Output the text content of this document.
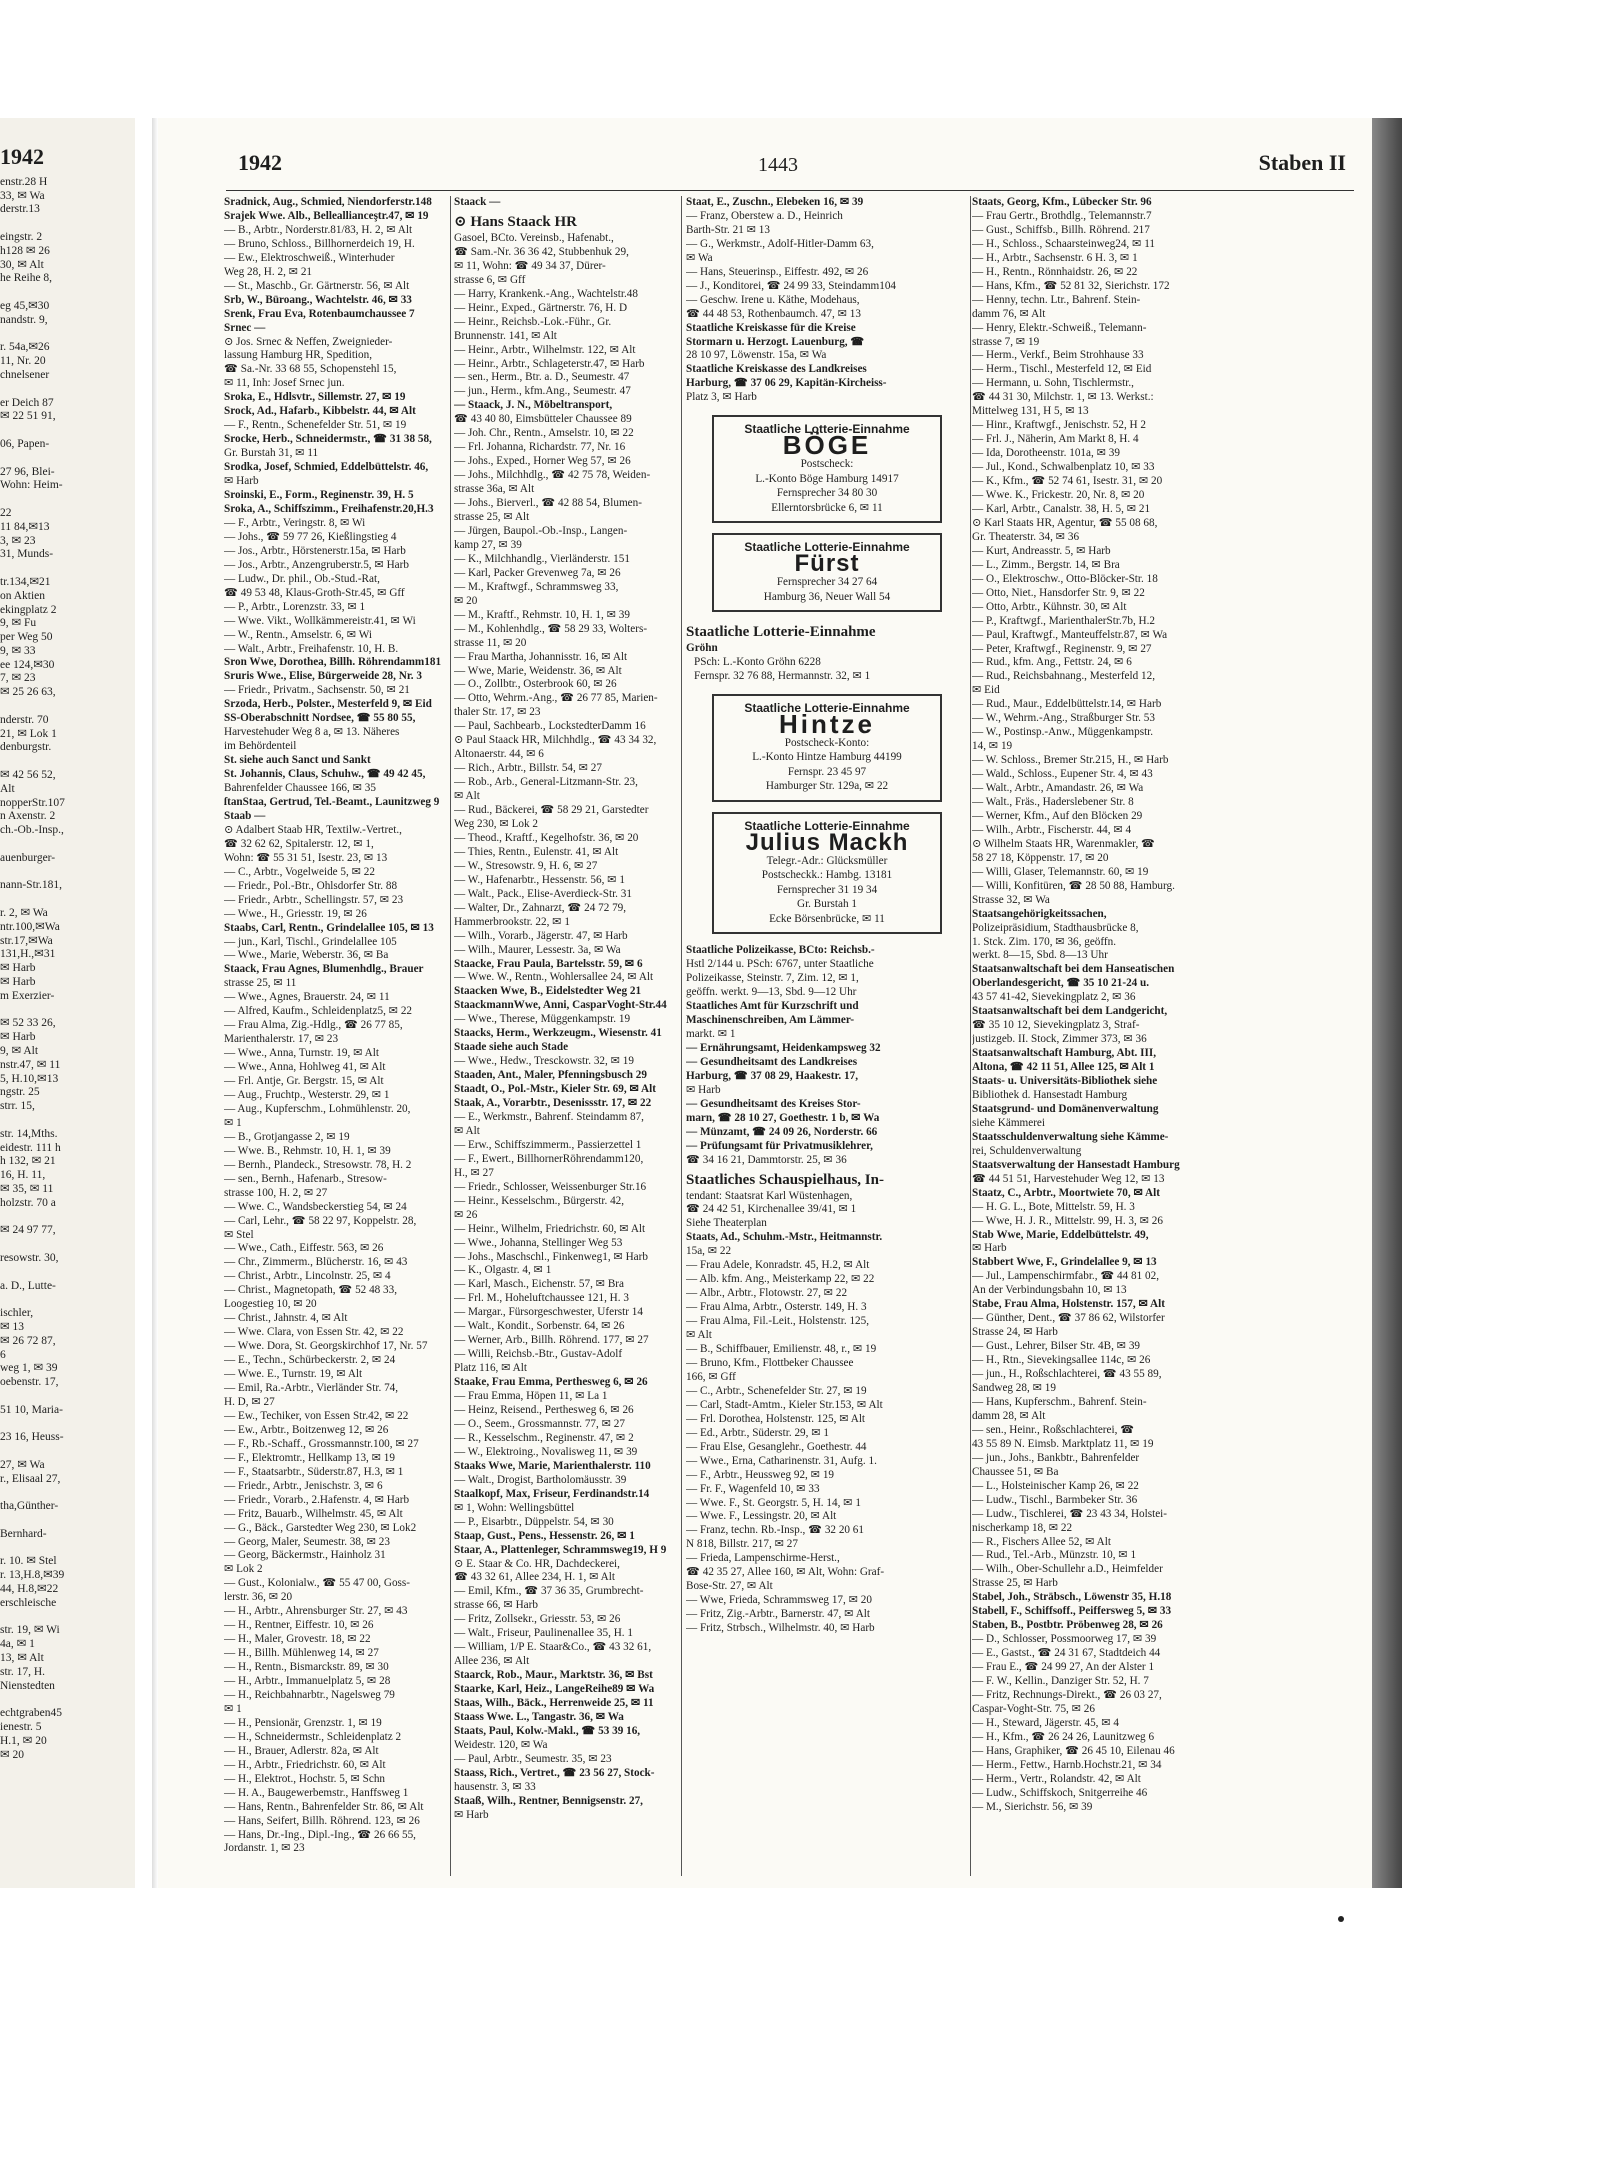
1942
enstr.28 H
33, ✉ Wa
derstr.13

eingstr. 2
h128 ✉ 26
30, ✉ Alt
he Reihe 8,

eg 45,✉30
nandstr. 9,

r. 54a,✉26
11, Nr. 20
chnelsener

er Deich 87
✉ 22 51 91,

06, Papen-

27 96, Blei-
Wohn: Heim-

22
11 84,✉13
3, ✉ 23
31, Munds-

tr.134,✉21
on Aktien
ekingplatz 2
9, ✉ Fu
per Weg 50
9, ✉ 33
ee 124,✉30
7, ✉ 23
✉ 25 26 63,

nderstr. 70
21, ✉ Lok 1
denburgstr.

✉ 42 56 52,
Alt
nopperStr.107
n Axenstr. 2
ch.-Ob.-Insp.,

auenburger-

nann-Str.181,

r. 2, ✉ Wa
ntr.100,✉Wa
str.17,✉Wa
131,H.,✉31
✉ Harb
✉ Harb
m Exerzier-

✉ 52 33 26,
✉ Harb
9, ✉ Alt
nstr.47, ✉ 11
5, H.10,✉13
ngstr. 25
strr. 15,

str. 14,Mths.
eidestr. 111 h
h 132, ✉ 21
16, H. 11,
✉ 35, ✉ 11
holzstr. 70 a

✉ 24 97 77,

resowstr. 30,

a. D., Lutte-

ischler,
✉ 13
✉ 26 72 87,
6
weg 1, ✉ 39
oebenstr. 17,

51 10, Maria-

23 16, Heuss-

27, ✉ Wa
r., Elisaal 27,

tha,Günther-

Bernhard-

r. 10. ✉ Stel
r. 13,H.8,✉39
44, H.8,✉22
erschleische

str. 19, ✉ Wi
4a, ✉ 1
13, ✉ Alt
str. 17, H.
Nienstedten

echtgraben45
ienestr. 5
H.1, ✉ 20
✉ 20
1942	1443	Staben II
Sradnick, Aug., Schmied, Niendorferstr.148
Srajek Wwe. Alb., Belleallianceştr.47, ✉ 19
— B., Arbtr., Norderstr.81/83, H. 2, ✉ Alt
— Bruno, Schloss., Billhornerdeich 19, H.
— Ew., Elektroschweiß., Winterhuder
Weg 28, H. 2, ✉ 21
— St., Maschb., Gr. Gärtnerstr. 56, ✉ Alt
Srb, W., Büroang., Wachtelstr. 46, ✉ 33
Srenk, Frau Eva, Rotenbaumchaussee 7
Srnec —
⊙ Jos. Srnec & Neffen, Zweignieder-
lassung Hamburg HR, Spedition,
☎ Sa.-Nr. 33 68 55, Schopenstehl 15,
✉ 11, Inh: Josef Srnec jun.
Sroka, E., Hdlsvtr., Sillemstr. 27, ✉ 19
Srock, Ad., Hafarb., Kibbelstr. 44, ✉ Alt
— F., Rentn., Schenefelder Str. 51, ✉ 19
Srocke, Herb., Schneidermstr., ☎ 31 38 58,
Gr. Burstah 31, ✉ 11
Srodka, Josef, Schmied, Eddelbüttelstr. 46,
✉ Harb
Sroinski, E., Form., Reginenstr. 39, H. 5
Sroka, A., Schiffszimm., Freihafenstr.20,H.3
— F., Arbtr., Veringstr. 8, ✉ Wi
— Johs., ☎ 59 77 26, Kießlingstieg 4
— Jos., Arbtr., Hörstenerstr.15a, ✉ Harb
— Jos., Arbtr., Anzengruberstr.5, ✉ Harb
— Ludw., Dr. phil., Ob.-Stud.-Rat,
☎ 49 53 48, Klaus-Groth-Str.45, ✉ Gff
— P., Arbtr., Lorenzstr. 33, ✉ 1
— Wwe. Vikt., Wollkämmereistr.41, ✉ Wi
— W., Rentn., Amselstr. 6, ✉ Wi
— Walt., Arbtr., Freihafenstr. 10, H. B.
Sron Wwe, Dorothea, Billh. Röhrendamm181
Sruris Wwe., Elise, Bürgerweide 28, Nr. 3
— Friedr., Privatm., Sachsenstr. 50, ✉ 21
Srzoda, Herb., Polster., Mesterfeld 9, ✉ Eid
SS-Oberabschnitt Nordsee, ☎ 55 80 55,
Harvestehuder Weg 8 a, ✉ 13. Näheres
im Behördenteil
St. siehe auch Sanct und Sankt
St. Johannis, Claus, Schuhw., ☎ 49 42 45,
Bahrenfelder Chaussee 166, ✉ 35
ſtanStaa, Gertrud, Tel.-Beamt., Launitzweg 9
Staab —
⊙ Adalbert Staab HR, Textilw.-Vertret.,
☎ 32 62 62, Spitalerstr. 12, ✉ 1,
Wohn: ☎ 55 31 51, Isestr. 23, ✉ 13
— C., Arbtr., Vogelweide 5, ✉ 22
— Friedr., Pol.-Btr., Ohlsdorfer Str. 88
— Friedr., Arbtr., Schellingstr. 57, ✉ 23
— Wwe., H., Griesstr. 19, ✉ 26
Staabs, Carl, Rentn., Grindelallee 105, ✉ 13
— jun., Karl, Tischl., Grindelallee 105
— Wwe., Marie, Weberstr. 36, ✉ Ba
Staack, Frau Agnes, Blumenhdlg., Brauer
strasse 25, ✉ 11
— Wwe., Agnes, Brauerstr. 24, ✉ 11
— Alfred, Kaufm., Schleidenplatz5, ✉ 22
— Frau Alma, Zig.-Hdlg., ☎ 26 77 85,
Marienthalerstr. 17, ✉ 23
— Wwe., Anna, Turnstr. 19, ✉ Alt
— Wwe., Anna, Hohlweg 41, ✉ Alt
— Frl. Antje, Gr. Bergstr. 15, ✉ Alt
— Aug., Fruchtp., Westerstr. 29, ✉ 1
— Aug., Kupferschm., Lohmühlenstr. 20,
✉ 1
— B., Grotjangasse 2, ✉ 19
— Wwe. B., Rehmstr. 10, H. 1, ✉ 39
— Bernh., Plandeck., Stresowstr. 78, H. 2
— sen., Bernh., Hafenarb., Stresow-
strasse 100, H. 2, ✉ 27
— Wwe. C., Wandsbeckerstieg 54, ✉ 24
— Carl, Lehr., ☎ 58 22 97, Koppelstr. 28,
✉ Stel
— Wwe., Cath., Eiffestr. 563, ✉ 26
— Chr., Zimmerm., Blücherstr. 16, ✉ 43
— Christ., Arbtr., Lincolnstr. 25, ✉ 4
— Christ., Magnetopath, ☎ 52 48 33,
Loogestieg 10, ✉ 20
— Christ., Jahnstr. 4, ✉ Alt
— Wwe. Clara, von Essen Str. 42, ✉ 22
— Wwe. Dora, St. Georgskirchhof 17, Nr. 57
— E., Techn., Schürbeckerstr. 2, ✉ 24
— Wwe. E., Turnstr. 19, ✉ Alt
— Emil, Ra.-Arbtr., Vierländer Str. 74,
H. D, ✉ 27
— Ew., Techiker, von Essen Str.42, ✉ 22
— Ew., Arbtr., Boitzenweg 12, ✉ 26
— F., Rb.-Schaff., Grossmannstr.100, ✉ 27
— F., Elektromtr., Hellkamp 13, ✉ 19
— F., Staatsarbtr., Süderstr.87, H.3, ✉ 1
— Friedr., Arbtr., Jenischstr. 3, ✉ 6
— Friedr., Vorarb., 2.Hafenstr. 4, ✉ Harb
— Fritz, Bauarb., Wilhelmstr. 45, ✉ Alt
— G., Bäck., Garstedter Weg 230, ✉ Lok2
— Georg, Maler, Seumestr. 38, ✉ 23
— Georg, Bäckermstr., Hainholz 31
✉ Lok 2
— Gust., Kolonialw., ☎ 55 47 00, Goss-
lerstr. 36, ✉ 20
— H., Arbtr., Ahrensburger Str. 27, ✉ 43
— H., Rentner, Eiffestr. 10, ✉ 26
— H., Maler, Grovestr. 18, ✉ 22
— H., Billh. Mühlenweg 14, ✉ 27
— H., Rentn., Bismarckstr. 89, ✉ 30
— H., Arbtr., Immanuelplatz 5, ✉ 28
— H., Reichbahnarbtr., Nagelsweg 79
✉ 1
— H., Pensionär, Grenzstr. 1, ✉ 19
— H., Schneidermstr., Schleidenplatz 2
— H., Brauer, Adlerstr. 82a, ✉ Alt
— H., Arbtr., Friedrichstr. 60, ✉ Alt
— H., Elektrot., Hochstr. 5, ✉ Schn
— H. A., Baugewerbemstr., Hanffsweg 1
— Hans, Rentn., Bahrenfelder Str. 86, ✉ Alt
— Hans, Seifert, Billh. Röhrend. 123, ✉ 26
— Hans, Dr.-Ing., Dipl.-Ing., ☎ 26 66 55,
Jordanstr. 1, ✉ 23
Staack —
⊙ Hans Staack HR
Gasoel, BCto. Vereinsb., Hafenabt.,
☎ Sam.-Nr. 36 36 42, Stubbenhuk 29,
✉ 11, Wohn: ☎ 49 34 37, Dürer-
strasse 6, ✉ Gff
— Harry, Krankenk.-Ang., Wachtelstr.48
— Heinr., Exped., Gärtnerstr. 76, H. D
— Heinr., Reichsb.-Lok.-Führ., Gr.
Brunnenstr. 141, ✉ Alt
— Heinr., Arbtr., Wilhelmstr. 122, ✉ Alt
— Heinr., Arbtr., Schlageterstr.47, ✉ Harb
— sen., Herm., Btr. a. D., Seumestr. 47
— jun., Herm., kfm.Ang., Seumestr. 47
— Staack, J. N., Möbeltransport,
☎ 43 40 80, Eimsbütteler Chaussee 89
— Joh. Chr., Rentn., Amselstr. 10, ✉ 22
— Frl. Johanna, Richardstr. 77, Nr. 16
— Johs., Exped., Horner Weg 57, ✉ 26
— Johs., Milchhdlg., ☎ 42 75 78, Weiden-
strasse 36a, ✉ Alt
— Johs., Bierverl., ☎ 42 88 54, Blumen-
strasse 25, ✉ Alt
— Jürgen, Baupol.-Ob.-Insp., Langen-
kamp 27, ✉ 39
— K., Milchhandlg., Vierländerstr. 151
— Karl, Packer Grevenweg 7a, ✉ 26
— M., Kraftwgf., Schrammsweg 33,
✉ 20
— M., Kraftf., Rehmstr. 10, H. 1, ✉ 39
— M., Kohlenhdlg., ☎ 58 29 33, Wolters-
strasse 11, ✉ 20
— Frau Martha, Johannisstr. 16, ✉ Alt
— Wwe, Marie, Weidenstr. 36, ✉ Alt
— O., Zollbtr., Osterbrook 60, ✉ 26
— Otto, Wehrm.-Ang., ☎ 26 77 85, Marien-
thaler Str. 17, ✉ 23
— Paul, Sachbearb., LockstedterDamm 16
⊙ Paul Staack HR, Milchhdlg., ☎ 43 34 32,
Altonaerstr. 44, ✉ 6
— Rich., Arbtr., Billstr. 54, ✉ 27
— Rob., Arb., General-Litzmann-Str. 23,
✉ Alt
— Rud., Bäckerei, ☎ 58 29 21, Garstedter
Weg 230, ✉ Lok 2
— Theod., Kraftf., Kegelhofstr. 36, ✉ 20
— Thies, Rentn., Eulenstr. 41, ✉ Alt
— W., Stresowstr. 9, H. 6, ✉ 27
— W., Hafenarbtr., Hessenstr. 56, ✉ 1
— Walt., Pack., Elise-Averdieck-Str. 31
— Walter, Dr., Zahnarzt, ☎ 24 72 79,
Hammerbrookstr. 22, ✉ 1
— Wilh., Vorarb., Jägerstr. 47, ✉ Harb
— Wilh., Maurer, Lessestr. 3a, ✉ Wa
Staacke, Frau Paula, Bartelsstr. 59, ✉ 6
— Wwe. W., Rentn., Wohlersallee 24, ✉ Alt
Staacken Wwe, B., Eidelstedter Weg 21
StaackmannWwe, Anni, CasparVoght-Str.44
— Wwe., Therese, Müggenkampstr. 19
Staacks, Herm., Werkzeugm., Wiesenstr. 41
Staade siehe auch Stade
— Wwe., Hedw., Tresckowstr. 32, ✉ 19
Staaden, Ant., Maler, Pfenningsbusch 29
Staadt, O., Pol.-Mstr., Kieler Str. 69, ✉ Alt
Staak, A., Vorarbtr., Desenissstr. 17, ✉ 22
— E., Werkmstr., Bahrenf. Steindamm 87,
✉ Alt
— Erw., Schiffszimmerm., Passierzettel 1
— F., Ewert., BillhornerRöhrendamm120,
H., ✉ 27
— Friedr., Schlosser, Weissenburger Str.16
— Heinr., Kesselschm., Bürgerstr. 42,
✉ 26
— Heinr., Wilhelm, Friedrichstr. 60, ✉ Alt
— Wwe., Johanna, Stellinger Weg 53
— Johs., Maschschl., Finkenweg1, ✉ Harb
— K., Olgastr. 4, ✉ 1
— Karl, Masch., Eichenstr. 57, ✉ Bra
— Frl. M., Hoheluftchaussee 121, H. 3
— Margar., Fürsorgeschwester, Uferstr 14
— Walt., Kondit., Sorbenstr. 64, ✉ 26
— Werner, Arb., Billh. Röhrend. 177, ✉ 27
— Willi, Reichsb.-Btr., Gustav-Adolf
Platz 116, ✉ Alt
Staake, Frau Emma, Perthesweg 6, ✉ 26
— Frau Emma, Höpen 11, ✉ La 1
— Heinz, Reisend., Perthesweg 6, ✉ 26
— O., Seem., Grossmannstr. 77, ✉ 27
— R., Kesselschm., Reginenstr. 47, ✉ 2
— W., Elektroing., Novalisweg 11, ✉ 39
Staaks Wwe, Marie, Marienthalerstr. 110
— Walt., Drogist, Bartholomäusstr. 39
Staalkopf, Max, Friseur, Ferdinandstr.14
✉ 1, Wohn: Wellingsbüttel
— P., Eisarbtr., Düppelstr. 54, ✉ 30
Staap, Gust., Pens., Hessenstr. 26, ✉ 1
Staar, A., Plattenleger, Schrammsweg19, H 9
⊙ E. Staar & Co. HR, Dachdeckerei,
☎ 43 32 61, Allee 234, H. 1, ✉ Alt
— Emil, Kfm., ☎ 37 36 35, Grumbrecht-
strasse 66, ✉ Harb
— Fritz, Zollsekr., Griesstr. 53, ✉ 26
— Walt., Friseur, Paulinenallee 35, H. 1
— William, 1/P E. Staar&Co., ☎ 43 32 61,
Allee 236, ✉ Alt
Staarck, Rob., Maur., Marktstr. 36, ✉ Bst
Staarke, Karl, Heiz., LangeReihe89 ✉ Wa
Staas, Wilh., Bäck., Herrenweide 25, ✉ 11
Staass Wwe. L., Tangastr. 36, ✉ Wa
Staats, Paul, Kolw.-Makl., ☎ 53 39 16,
Weidestr. 120, ✉ Wa
— Paul, Arbtr., Seumestr. 35, ✉ 23
Staass, Rich., Vertret., ☎ 23 56 27, Stock-
hausenstr. 3, ✉ 33
Staaß, Wilh., Rentner, Bennigsenstr. 27,
✉ Harb
Staat, E., Zuschn., Elebeken 16, ✉ 39
— Franz, Oberstew a. D., Heinrich
Barth-Str. 21 ✉ 13
— G., Werkmstr., Adolf-Hitler-Damm 63,
✉ Wa
— Hans, Steuerinsp., Eiffestr. 492, ✉ 26
— J., Konditorei, ☎ 24 99 33, Steindamm104
— Geschw. Irene u. Käthe, Modehaus,
☎ 44 48 53, Rothenbaumch. 47, ✉ 13
Staatliche Kreiskasse für die Kreise
Stormarn u. Herzogt. Lauenburg, ☎
28 10 97, Löwenstr. 15a, ✉ Wa
Staatliche Kreiskasse des Landkreises
Harburg, ☎ 37 06 29, Kapitän-Kircheiss-
Platz 3, ✉ Harb
Staatliche Lotterie-Einnahme
BÖGE
Postscheck:
L.-Konto Böge Hamburg 14917
Fernsprecher 34 80 30
Ellerntorsbrücke 6, ✉ 11
Staatliche Lotterie-Einnahme
Fürst
Fernsprecher 34 27 64
Hamburg 36, Neuer Wall 54
Staatliche Lotterie-Einnahme
Gröhn
PSch: L.-Konto Gröhn 6228
Fernspr. 32 76 88, Hermannstr. 32, ✉ 1
Staatliche Lotterie-Einnahme
Hintze
Postscheck-Konto:
L.-Konto Hintze Hamburg 44199
Fernspr. 23 45 97
Hamburger Str. 129a, ✉ 22
Staatliche Lotterie-Einnahme
Julius Mackh
Telegr.-Adr.: Glücksmüller
Postscheckk.: Hambg. 13181
Fernsprecher 31 19 34
Gr. Burstah 1
Ecke Börsenbrücke, ✉ 11
Staatliche Polizeikasse, BCto: Reichsb.-
Hstl 2/144 u. PSch: 6767, unter Staatliche
Polizeikasse, Steinstr. 7, Zim. 12, ✉ 1,
geöffn. werkt. 9—13, Sbd. 9—12 Uhr
Staatliches Amt für Kurzschrift und
Maschinenschreiben, Am Lämmer-
markt. ✉ 1
— Ernährungsamt, Heidenkampsweg 32
— Gesundheitsamt des Landkreises
Harburg, ☎ 37 08 29, Haakestr. 17,
✉ Harb
— Gesundheitsamt des Kreises Stor-
marn, ☎ 28 10 27, Goethestr. 1 b, ✉ Wa
— Münzamt, ☎ 24 09 26, Norderstr. 66
— Prüfungsamt für Privatmusiklehrer,
☎ 34 16 21, Dammtorstr. 25, ✉ 36
Staatliches Schauspielhaus, In-
tendant: Staatsrat Karl Wüstenhagen,
☎ 24 42 51, Kirchenallee 39/41, ✉ 1
Siehe Theaterplan
Staats, Ad., Schuhm.-Mstr., Heitmannstr.
15a, ✉ 22
— Frau Adele, Konradstr. 45, H.2, ✉ Alt
— Alb. kfm. Ang., Meisterkamp 22, ✉ 22
— Albr., Arbtr., Flotowstr. 27, ✉ 22
— Frau Alma, Arbtr., Osterstr. 149, H. 3
— Frau Alma, Fil.-Leit., Holstenstr. 125,
✉ Alt
— B., Schiffbauer, Emilienstr. 48, r., ✉ 19
— Bruno, Kfm., Flottbeker Chaussee
166, ✉ Gff
— C., Arbtr., Schenefelder Str. 27, ✉ 19
— Carl, Stadt-Amtm., Kieler Str.153, ✉ Alt
— Frl. Dorothea, Holstenstr. 125, ✉ Alt
— Ed., Arbtr., Süderstr. 29, ✉ 1
— Frau Else, Gesanglehr., Goethestr. 44
— Wwe., Erna, Catharinenstr. 31, Aufg. 1.
— F., Arbtr., Heussweg 92, ✉ 19
— Fr. F., Wagenfeld 10, ✉ 33
— Wwe. F., St. Georgstr. 5, H. 14, ✉ 1
— Wwe. F., Lessingstr. 20, ✉ Alt
— Franz, techn. Rb.-Insp., ☎ 32 20 61
N 818, Billstr. 217, ✉ 27
— Frieda, Lampenschirme-Herst.,
☎ 42 35 27, Allee 160, ✉ Alt, Wohn: Graf-
Bose-Str. 27, ✉ Alt
— Wwe, Frieda, Schrammsweg 17, ✉ 20
— Fritz, Zig.-Arbtr., Barnerstr. 47, ✉ Alt
— Fritz, Strbsch., Wilhelmstr. 40, ✉ Harb
Staats, Georg, Kfm., Lübecker Str. 96
— Frau Gertr., Brothdlg., Telemannstr.7
— Gust., Schiffsb., Billh. Röhrend. 217
— H., Schloss., Schaarsteinweg24, ✉ 11
— H., Arbtr., Sachsenstr. 6 H. 3, ✉ 1
— H., Rentn., Rönnhaidstr. 26, ✉ 22
— Hans, Kfm., ☎ 52 81 32, Sierichstr. 172
— Henny, techn. Ltr., Bahrenf. Stein-
damm 76, ✉ Alt
— Henry, Elektr.-Schweiß., Telemann-
strasse 7, ✉ 19
— Herm., Verkf., Beim Strohhause 33
— Herm., Tischl., Mesterfeld 12, ✉ Eid
— Hermann, u. Sohn, Tischlermstr.,
☎ 44 31 30, Milchstr. 1, ✉ 13. Werkst.:
Mittelweg 131, H 5, ✉ 13
— Hinr., Kraftwgf., Jenischstr. 52, H 2
— Frl. J., Näherin, Am Markt 8, H. 4
— Ida, Dorotheenstr. 101a, ✉ 39
— Jul., Kond., Schwalbenplatz 10, ✉ 33
— K., Kfm., ☎ 52 74 61, Isestr. 31, ✉ 20
— Wwe. K., Frickestr. 20, Nr. 8, ✉ 20
— Karl, Arbtr., Canalstr. 38, H. 5, ✉ 21
⊙ Karl Staats HR, Agentur, ☎ 55 08 68,
Gr. Theaterstr. 34, ✉ 36
— Kurt, Andreasstr. 5, ✉ Harb
— L., Zimm., Bergstr. 14, ✉ Bra
— O., Elektroschw., Otto-Blöcker-Str. 18
— Otto, Niet., Hansdorfer Str. 9, ✉ 22
— Otto, Arbtr., Kühnstr. 30, ✉ Alt
— P., Kraftwgf., MarienthalerStr.7b, H.2
— Paul, Kraftwgf., Manteuffelstr.87, ✉ Wa
— Peter, Kraftwgf., Reginenstr. 9, ✉ 27
— Rud., kfm. Ang., Fettstr. 24, ✉ 6
— Rud., Reichsbahnang., Mesterfeld 12,
✉ Eid
— Rud., Maur., Eddelbüttelstr.14, ✉ Harb
— W., Wehrm.-Ang., Straßburger Str. 53
— W., Postinsp.-Anw., Müggenkampstr.
14, ✉ 19
— W. Schloss., Bremer Str.215, H., ✉ Harb
— Wald., Schloss., Eupener Str. 4, ✉ 43
— Walt., Arbtr., Amandastr. 26, ✉ Wa
— Walt., Fräs., Haderslebener Str. 8
— Werner, Kfm., Auf den Blöcken 29
— Wilh., Arbtr., Fischerstr. 44, ✉ 4
⊙ Wilhelm Staats HR, Warenmakler, ☎
58 27 18, Köppenstr. 17, ✉ 20
— Willi, Glaser, Telemannstr. 60, ✉ 19
— Willi, Konfitüren, ☎ 28 50 88, Hamburg.
Strasse 32, ✉ Wa
Staatsangehörigkeitssachen,
Polizeipräsidium, Stadthausbrücke 8,
1. Stck. Zim. 170, ✉ 36, geöffn.
werkt. 8—15, Sbd. 8—13 Uhr
Staatsanwaltschaft bei dem Hanseatischen
Oberlandesgericht, ☎ 35 10 21-24 u.
43 57 41-42, Sievekingplatz 2, ✉ 36
Staatsanwaltschaft bei dem Landgericht,
☎ 35 10 12, Sievekingplatz 3, Straf-
justizgeb. II. Stock, Zimmer 373, ✉ 36
Staatsanwaltschaft Hamburg, Abt. III,
Altona, ☎ 42 11 51, Allee 125, ✉ Alt 1
Staats- u. Universitäts-Bibliothek siehe
Bibliothek d. Hansestadt Hamburg
Staatsgrund- und Domänenverwaltung
siehe Kämmerei
Staatsschuldenverwaltung siehe Kämme-
rei, Schuldenverwaltung
Staatsverwaltung der Hansestadt Hamburg
☎ 44 51 51, Harvestehuder Weg 12, ✉ 13
Staatz, C., Arbtr., Moortwiete 70, ✉ Alt
— H. G. L., Bote, Mittelstr. 59, H. 3
— Wwe, H. J. R., Mittelstr. 99, H. 3, ✉ 26
Stab Wwe, Marie, Eddelbüttelstr. 49,
✉ Harb
Stabbert Wwe, F., Grindelallee 9, ✉ 13
— Jul., Lampenschirmfabr., ☎ 44 81 02,
An der Verbindungsbahn 10, ✉ 13
Stabe, Frau Alma, Holstenstr. 157, ✉ Alt
— Günther, Dent., ☎ 37 86 62, Wilstorfer
Strasse 24, ✉ Harb
— Gust., Lehrer, Bilser Str. 4B, ✉ 39
— H., Rtn., Sievekingsallee 114c, ✉ 26
— jun., H., Roßschlachterei, ☎ 43 55 89,
Sandweg 28, ✉ 19
— Hans, Kupferschm., Bahrenf. Stein-
damm 28, ✉ Alt
— sen., Heinr., Roßschlachterei, ☎
43 55 89 N. Eimsb. Marktplatz 11, ✉ 19
— jun., Johs., Bankbtr., Bahrenfelder
Chaussee 51, ✉ Ba
— L., Holsteinischer Kamp 26, ✉ 22
— Ludw., Tischl., Barmbeker Str. 36
— Ludw., Tischlerei, ☎ 23 43 34, Holstei-
nischerkamp 18, ✉ 22
— R., Fischers Allee 52, ✉ Alt
— Rud., Tel.-Arb., Münzstr. 10, ✉ 1
— Wilh., Ober-Schullehr a.D., Heimfelder
Strasse 25, ✉ Harb
Stabel, Joh., Sträbsch., Löwenstr 35, H.18
Stabell, F., Schiffsoff., Peiffersweg 5, ✉ 33
Staben, B., Postbtr. Pröbenweg 28, ✉ 26
— D., Schlosser, Possmoorweg 17, ✉ 39
— E., Gastst., ☎ 24 31 67, Stadtdeich 44
— Frau E., ☎ 24 99 27, An der Alster 1
— F. W., Kellin., Danziger Str. 52, H. 7
— Fritz, Rechnungs-Direkt., ☎ 26 03 27,
Caspar-Voght-Str. 75, ✉ 26
— H., Steward, Jägerstr. 45, ✉ 4
— H., Kfm., ☎ 26 24 26, Launitzweg 6
— Hans, Graphiker, ☎ 26 45 10, Eilenau 46
— Herm., Fettw., Harnb.Hochstr.21, ✉ 34
— Herm., Vertr., Rolandstr. 42, ✉ Alt
— Ludw., Schiffskoch, Snitgerreihe 46
— M., Sierichstr. 56, ✉ 39
